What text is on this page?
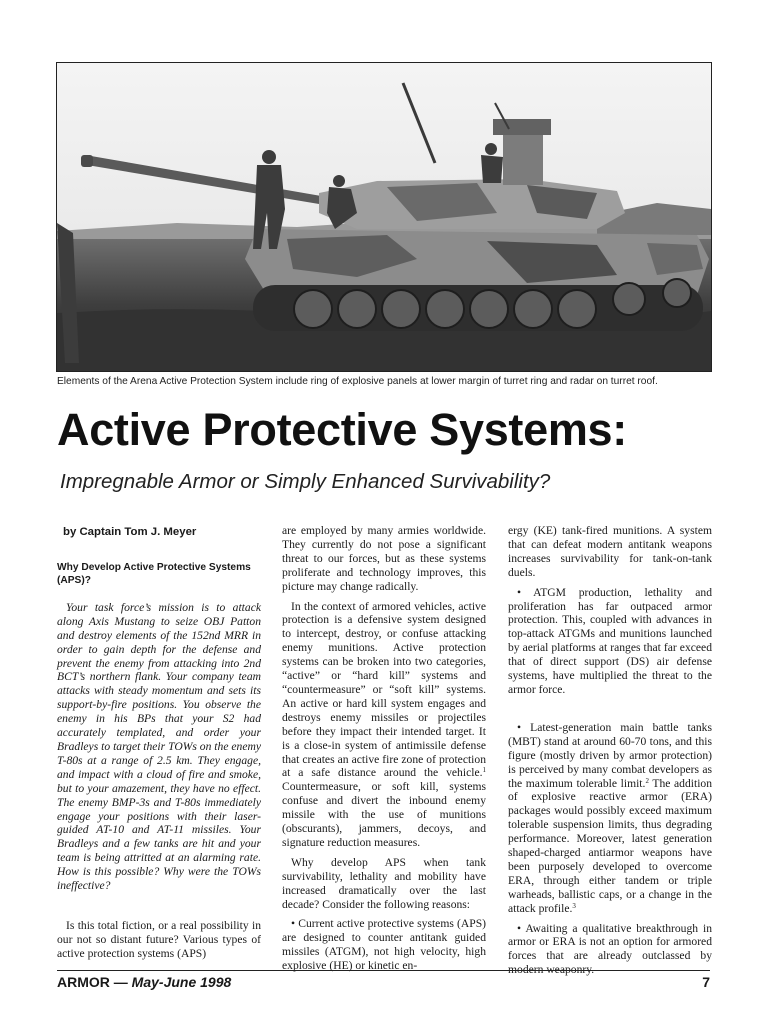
Elements of the Arena Active Protection System include ring of explosive panels at lower margin of turret ring and radar on turret roof.
Active Protective Systems:
Impregnable Armor or Simply Enhanced Survivability?

by Captain Tom J. Meyer

Why Develop Active Protective Systems (APS)?

Your task force’s mission is to attack along Axis Mustang to seize OBJ Patton and destroy elements of the 152nd MRR in order to gain depth for the defense and prevent the enemy from attacking into 2nd BCT’s northern flank. Your company team attacks with steady momentum and sets its support-by-fire positions. You observe the enemy in his BPs that your S2 had accurately templated, and order your Bradleys to target their TOWs on the enemy T-80s at a range of 2.5 km. They engage, and impact with a cloud of fire and smoke, but to your amazement, they have no effect. The enemy BMP-3s and T-80s immediately engage your positions with their laser-guided AT-10 and AT-11 missiles. Your Bradleys and a few tanks are hit and your team is being attritted at an alarming rate. How is this possible? Why were the TOWs ineffective?

Is this total fiction, or a real possibility in our not so distant future? Various types of active protection systems (APS)

are employed by many armies worldwide. They currently do not pose a significant threat to our forces, but as these systems proliferate and technology improves, this picture may change radically.

In the context of armored vehicles, active protection is a defensive system designed to intercept, destroy, or confuse attacking enemy munitions. Active protection systems can be broken into two categories, “active” or “hard kill” systems and “countermeasure” or “soft kill” systems. An active or hard kill system engages and destroys enemy missiles or projectiles before they impact their intended target. It is a close-in system of antimissile defense that creates an active fire zone of protection at a safe distance around the vehicle.$^1$ Countermeasure, or soft kill, systems confuse and divert the inbound enemy missile with the use of munitions (obscurants), jammers, decoys, and signature reduction measures.

Why develop APS when tank survivability, lethality and mobility have increased dramatically over the last decade? Consider the following reasons:

• Current active protective systems (APS) are designed to counter antitank guided missiles (ATGM), not high velocity, high explosive (HE) or kinetic en-

ergy (KE) tank-fired munitions. A system that can defeat modern antitank weapons increases survivability for tank-on-tank duels.

• ATGM production, lethality and proliferation has far outpaced armor protection. This, coupled with advances in top-attack ATGMs and munitions launched by aerial platforms at ranges that far exceed that of direct support (DS) air defense systems, have multiplied the threat to the armor force.

• Latest-generation main battle tanks (MBT) stand at around 60-70 tons, and this figure (mostly driven by armor protection) is perceived by many combat developers as the maximum tolerable limit.$^2$ The addition of explosive reactive armor (ERA) packages would possibly exceed maximum tolerable suspension limits, thus degrading performance. Moreover, latest generation shaped-charged antiarmor weapons have been purposely developed to overcome ERA, through either tandem or triple warheads, ballistic caps, or a change in the attack profile.$^3$

• Awaiting a qualitative breakthrough in armor or ERA is not an option for armored forces that are already outclassed by modern weaponry.

ARMOR — May-June 1998	7
